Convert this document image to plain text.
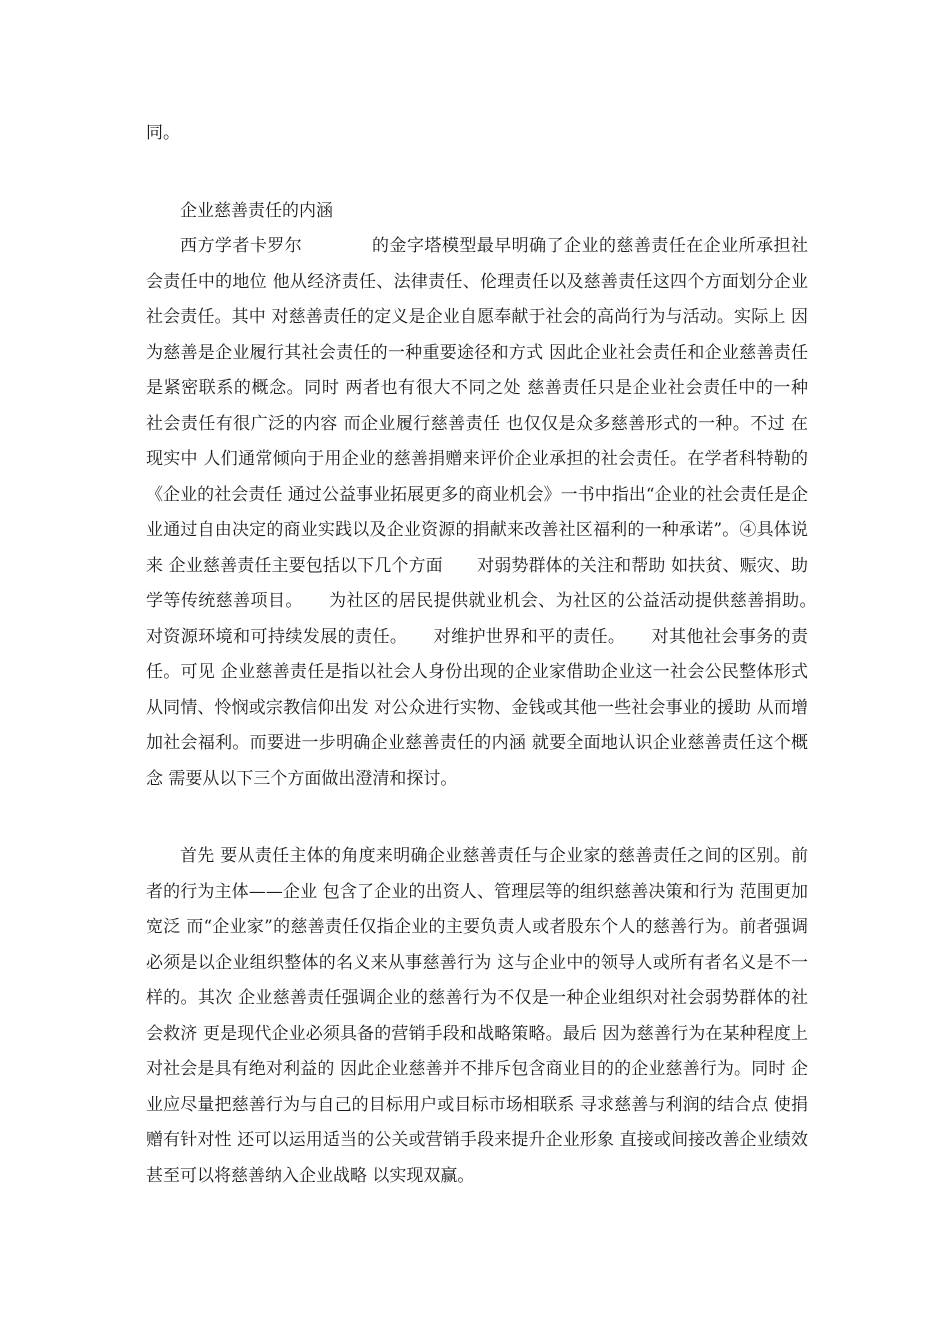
同。

企业慈善责任的内涵

西方学者卡罗尔　　　　的金字塔模型最早明确了企业的慈善责任在企业所承担社会责任中的地位 他从经济责任、法律责任、伦理责任以及慈善责任这四个方面划分企业社会责任。其中 对慈善责任的定义是企业自愿奉献于社会的高尚行为与活动。实际上 因为慈善是企业履行其社会责任的一种重要途径和方式 因此企业社会责任和企业慈善责任是紧密联系的概念。同时 两者也有很大不同之处 慈善责任只是企业社会责任中的一种 社会责任有很广泛的内容 而企业履行慈善责任 也仅仅是众多慈善形式的一种。不过 在现实中 人们通常倾向于用企业的慈善捐赠来评价企业承担的社会责任。在学者科特勒的《企业的社会责任 通过公益事业拓展更多的商业机会》一书中指出“企业的社会责任是企业通过自由决定的商业实践以及企业资源的捐献来改善社区福利的一种承诺”。④具体说来 企业慈善责任主要包括以下几个方面　　对弱势群体的关注和帮助 如扶贫、赈灾、助学等传统慈善项目。　　为社区的居民提供就业机会、为社区的公益活动提供慈善捐助。　　对资源环境和可持续发展的责任。　　对维护世界和平的责任。　　对其他社会事务的责任。可见 企业慈善责任是指以社会人身份出现的企业家借助企业这一社会公民整体形式 从同情、怜悯或宗教信仰出发 对公众进行实物、金钱或其他一些社会事业的援助 从而增加社会福利。而要进一步明确企业慈善责任的内涵 就要全面地认识企业慈善责任这个概念 需要从以下三个方面做出澄清和探讨。

首先 要从责任主体的角度来明确企业慈善责任与企业家的慈善责任之间的区别。前者的行为主体——企业 包含了企业的出资人、管理层等的组织慈善决策和行为 范围更加宽泛 而“企业家”的慈善责任仅指企业的主要负责人或者股东个人的慈善行为。前者强调必须是以企业组织整体的名义来从事慈善行为 这与企业中的领导人或所有者名义是不一样的。其次 企业慈善责任强调企业的慈善行为不仅是一种企业组织对社会弱势群体的社会救济 更是现代企业必须具备的营销手段和战略策略。最后 因为慈善行为在某种程度上对社会是具有绝对利益的 因此企业慈善并不排斥包含商业目的的企业慈善行为。同时 企业应尽量把慈善行为与自己的目标用户或目标市场相联系 寻求慈善与利润的结合点 使捐赠有针对性 还可以运用适当的公关或营销手段来提升企业形象 直接或间接改善企业绩效 甚至可以将慈善纳入企业战略 以实现双赢。
